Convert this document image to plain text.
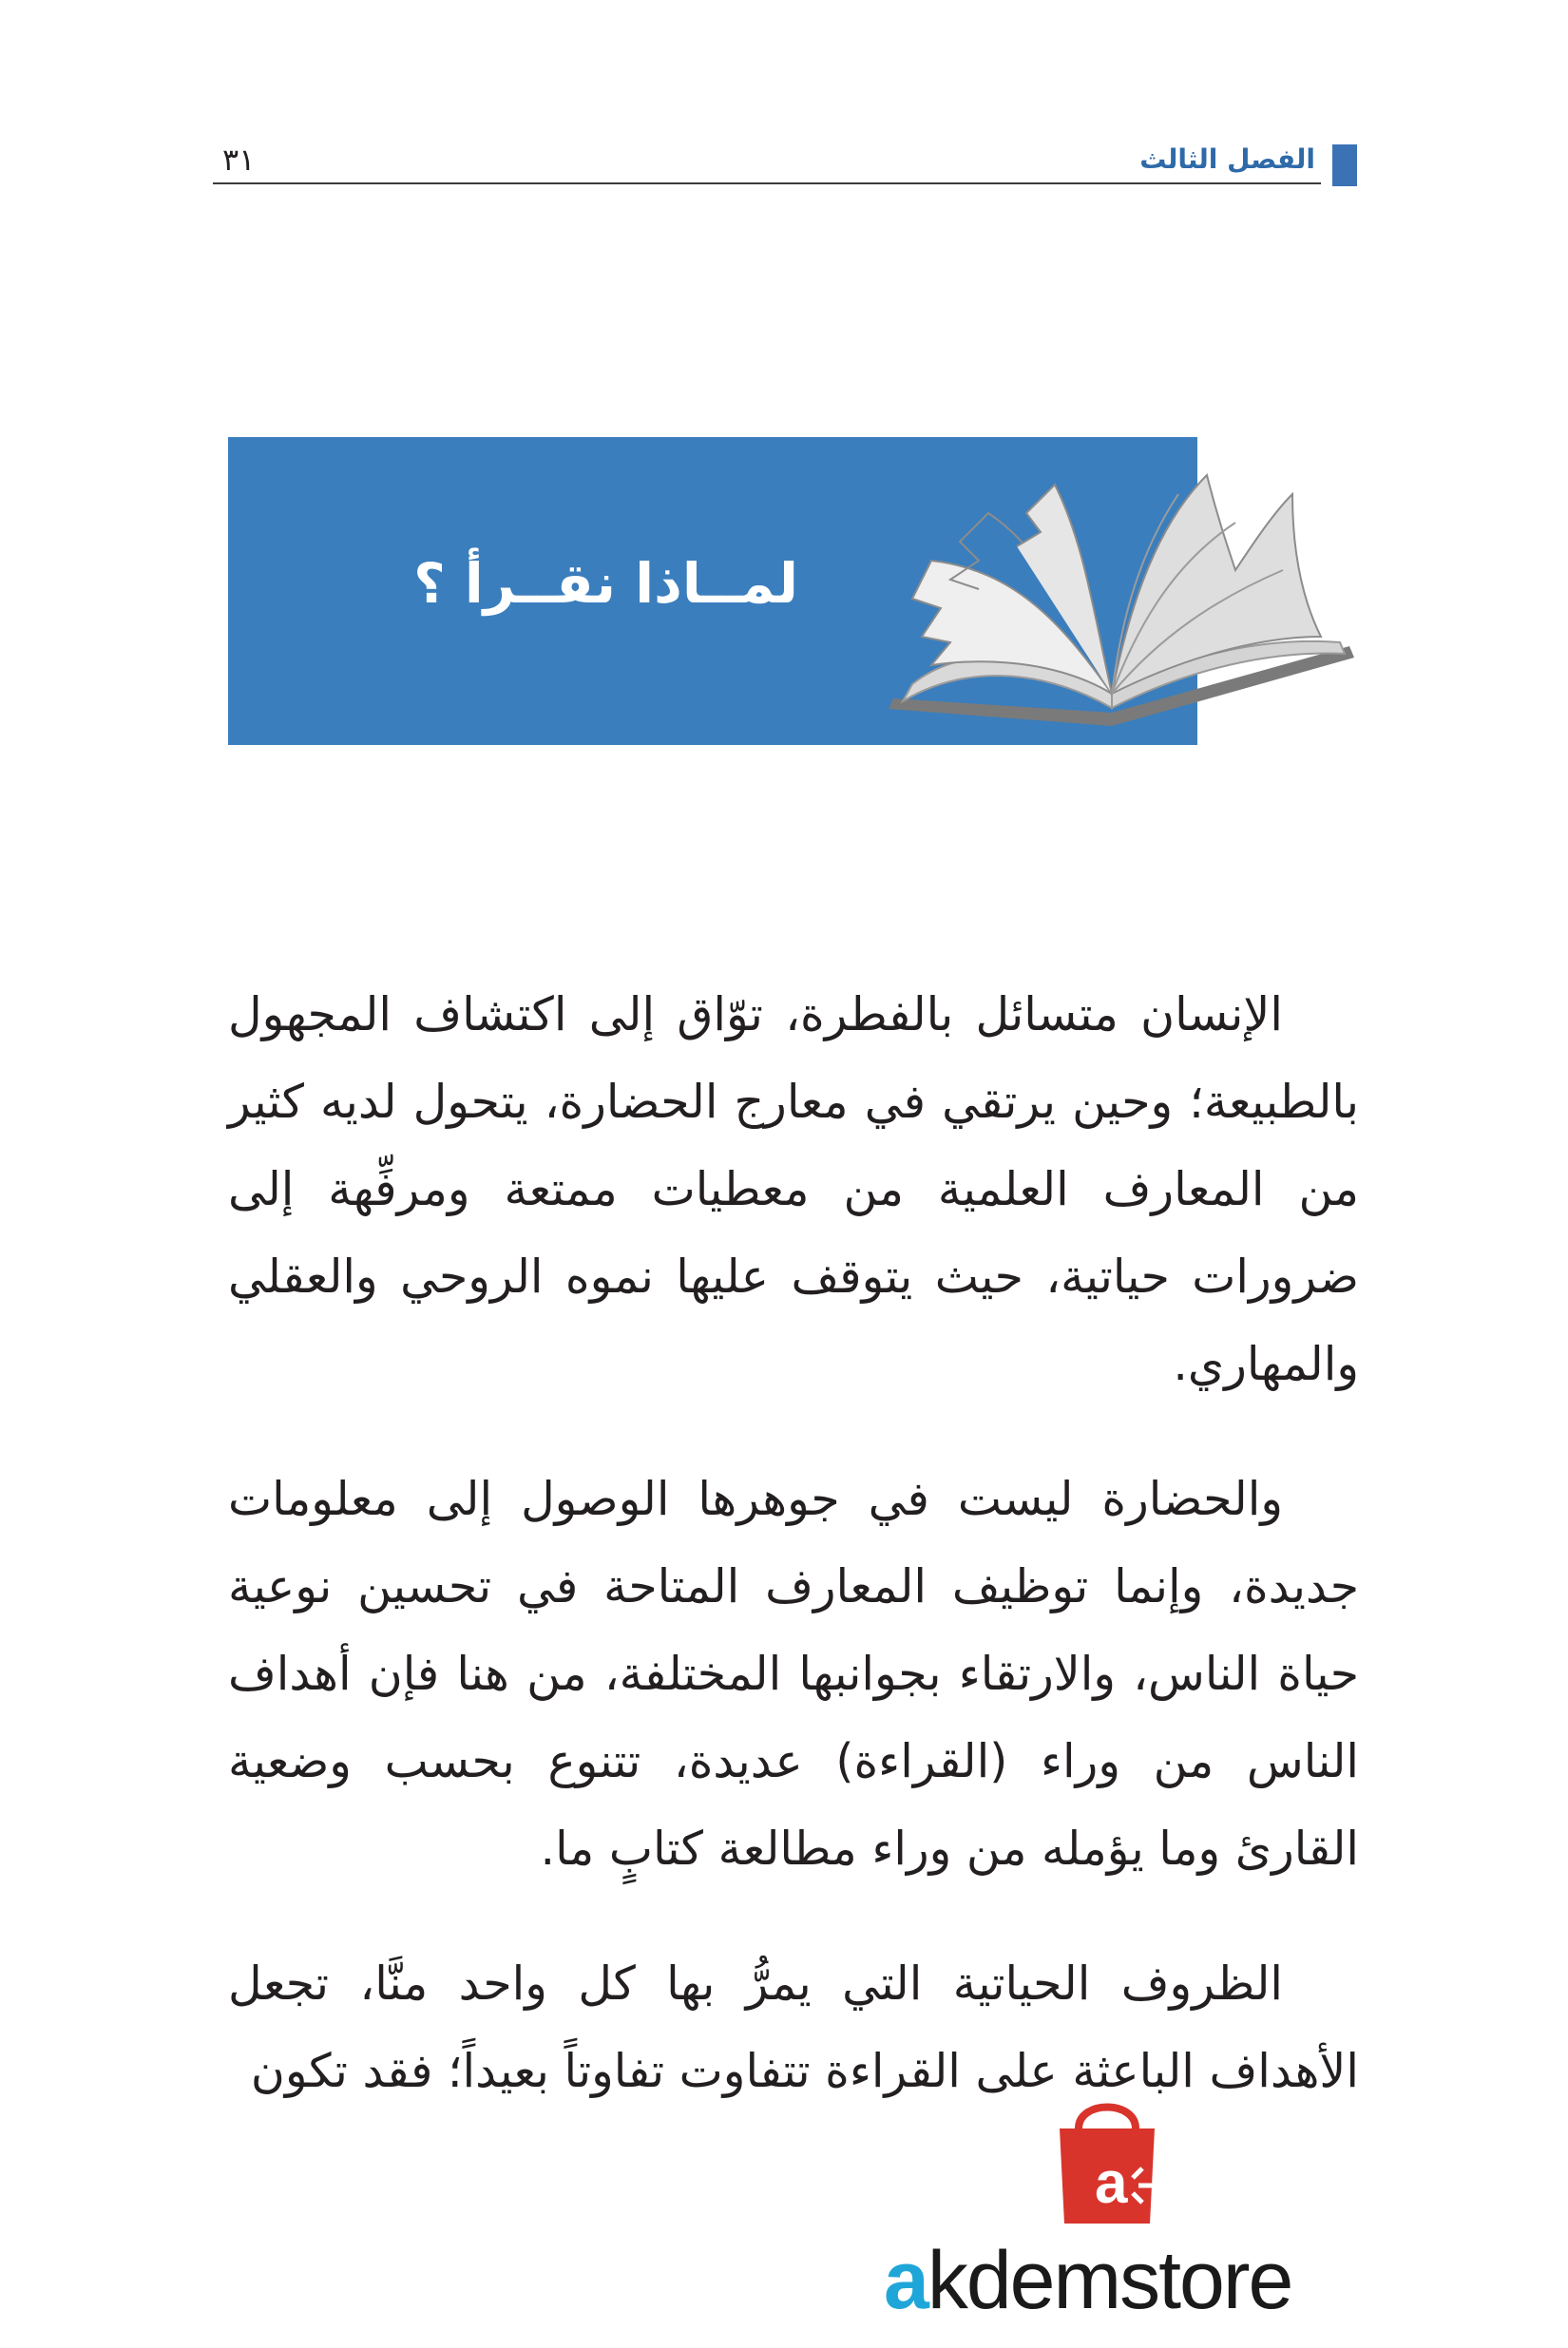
الفصل الثالث
٣١
لمــاذا نقــرأ ؟

الإنسان متسائل بالفطرة، توّاق إلى اكتشاف المجهول بالطبيعة؛ وحين يرتقي في معارج الحضارة، يتحول لديه كثير من المعارف العلمية من معطيات ممتعة ومرفِّهة إلى ضرورات حياتية، حيث يتوقف عليها نموه الروحي والعقلي والمهاري.

والحضارة ليست في جوهرها الوصول إلى معلومات جديدة، وإنما توظيف المعارف المتاحة في تحسين نوعية حياة الناس، والارتقاء بجوانبها المختلفة، من هنا فإن أهداف الناس من وراء (القراءة) عديدة، تتنوع بحسب وضعية القارئ وما يؤمله من وراء مطالعة كتابٍ ما.

الظروف الحياتية التي يمرُّ بها كل واحد منَّا، تجعل الأهداف الباعثة على القراءة تتفاوت تفاوتاً بعيداً؛ فقد تكون

a
akdemstore
